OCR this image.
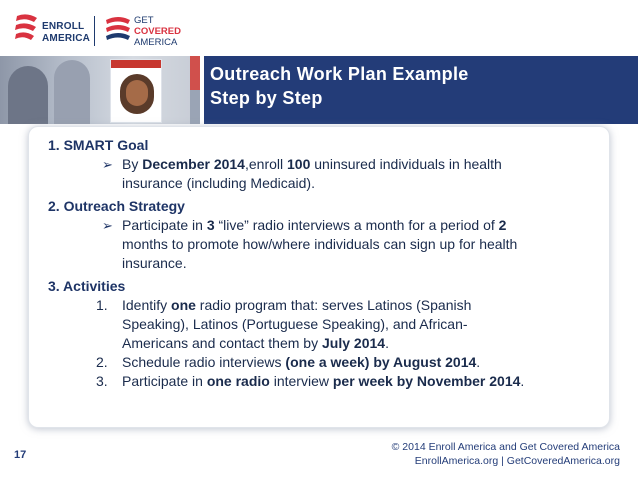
ENROLL
AMERICA
GET
COVERED
AMERICA
Outreach Work Plan Example
Step by Step
1. SMART Goal
➢ By December 2014,enroll 100 uninsured individuals in health
insurance (including Medicaid).
2. Outreach Strategy
➢ Participate in 3 “live” radio interviews a month for a period of 2
months to promote how/where individuals can sign up for health
insurance.
3. Activities
1. Identify one radio program that: serves Latinos (Spanish
Speaking), Latinos (Portuguese Speaking), and African-
Americans and contact them by July 2014.
2. Schedule radio interviews (one a week) by August 2014.
3. Participate in one radio interview per week by November 2014.
17
© 2014 Enroll America and Get Covered America
EnrollAmerica.org | GetCoveredAmerica.org
